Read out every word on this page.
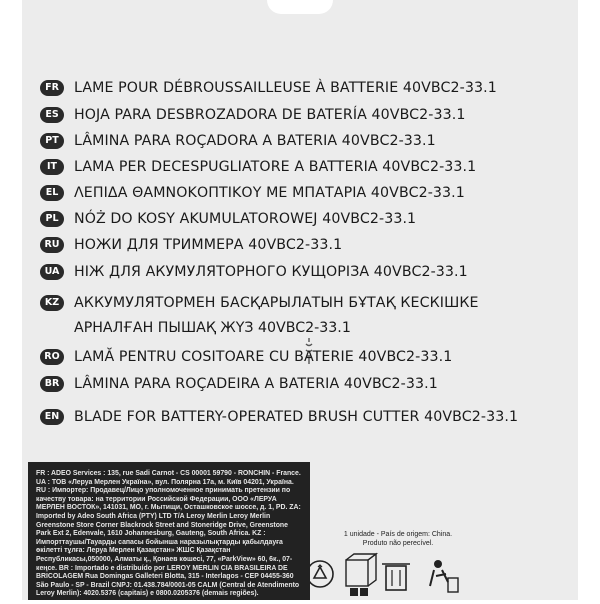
FR	LAME POUR DÉBROUSSAILLEUSE À BATTERIE 40VBC2-33.1
ES	HOJA PARA DESBROZADORA DE BATERÍA 40VBC2-33.1
PT	LÂMINA PARA ROÇADORA A BATERIA 40VBC2-33.1
IT	LAMA PER DECESPUGLIATORE A BATTERIA 40VBC2-33.1
EL	ΛΕΠΙΔΑ ΘΑΜΝΟΚΟΠΤΙΚΟΥ ΜΕ ΜΠΑΤΑΡΙΑ 40VBC2-33.1
PL	NÓŻ DO KOSY AKUMULATOROWEJ 40VBC2-33.1
RU	НОЖИ ДЛЯ ТРИММЕРА 40VBC2-33.1
UA	НІЖ ДЛЯ АКУМУЛЯТОРНОГО КУЩОРІЗА 40VBC2-33.1
KZ	АККУМУЛЯТОРМЕН БАСҚАРЫЛАТЫН БҰТАҚ КЕСКІШКЕ
АРНАЛҒАН ПЫШАҚ ЖҮЗ 40VBC2-33.1
RO	LAMĂ PENTRU COSITOARE CU BATERIE 40VBC2-33.1
BR	LÂMINA PARA ROÇADEIRA A BATERIA 40VBC2-33.1
EN	BLADE FOR BATTERY-OPERATED BRUSH CUTTER 40VBC2-33.1
FR : ADEO Services : 135, rue Sadi Carnot - CS 00001 59790 - RONCHIN - France. UA : ТОВ «Леруа Мерлен Україна», вул. Полярна 17а, м. Київ 04201, Україна. RU : Импортер: Продавец/Лицо уполномоченное принимать претензии по качеству товара: на территории Российской Федерации, ООО «ЛЕРУА МЕРЛЕН ВОСТОК», 141031, МО, г. Мытищи, Осташковское шоссе, д. 1, PD. ZA: Imported by Adeo South Africa (PTY) LTD T/A Leroy Merlin Leroy Merlin Greenstone Store Corner Blackrock Street and Stoneridge Drive, Greenstone Park Ext 2, Edenvale, 1610 Johannesburg, Gauteng, South Africa. KZ : Импорттаушы/Тауарды сапасы бойынша наразылықтарды қабылдауға өкілетті тұлға: Леруа Мерлен Қазақстан» ЖШС Қазақстан Республикасы,050000, Алматы қ., Қонаев көшесі, 77, «ParkView» 60, 6к., 07-кеңсе. BR : Importado e distribuído por LEROY MERLIN CIA BRASILEIRA DE BRICOLAGEM Rua Domingas Galleteri Blotta, 315 - Interlagos - CEP 04455-360 São Paulo - SP - Brazil CNPJ: 01.438.784/0001-05 CALM (Central de Atendimento Leroy Merlin): 4020.5376 (capitais) e 0800.0205376 (demais regiões).
1 unidade - País de origem: China.
Produto não perecível.
